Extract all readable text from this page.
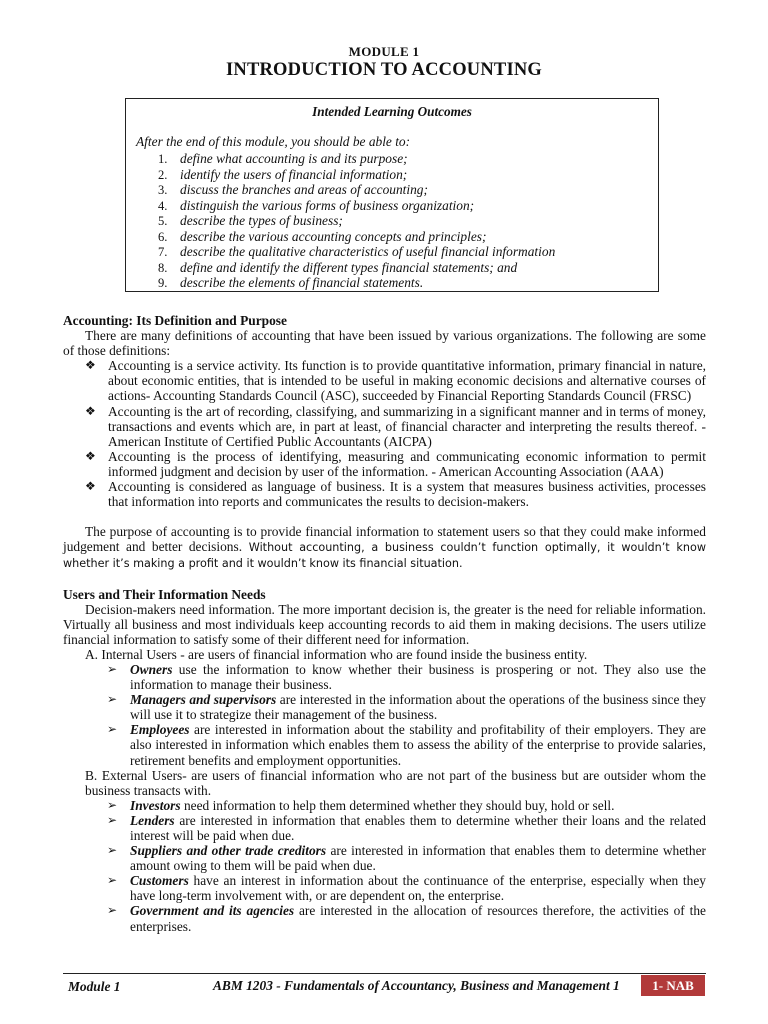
MODULE 1
INTRODUCTION TO ACCOUNTING
Intended Learning Outcomes
After the end of this module, you should be able to:
1. define what accounting is and its purpose;
2. identify the users of financial information;
3. discuss the branches and areas of accounting;
4. distinguish the various forms of business organization;
5. describe the types of business;
6. describe the various accounting concepts and principles;
7. describe the qualitative characteristics of useful financial information
8. define and identify the different types financial statements; and
9. describe the elements of financial statements.

Accounting: Its Definition and Purpose

There are many definitions of accounting that have been issued by various organizations. The following are some of those definitions:

❖ Accounting is a service activity. Its function is to provide quantitative information, primary financial in nature, about economic entities, that is intended to be useful in making economic decisions and alternative courses of actions- Accounting Standards Council (ASC), succeeded by Financial Reporting Standards Council (FRSC)
❖ Accounting is the art of recording, classifying, and summarizing in a significant manner and in terms of money, transactions and events which are, in part at least, of financial character and interpreting the results thereof. - American Institute of Certified Public Accountants (AICPA)
❖ Accounting is the process of identifying, measuring and communicating economic information to permit informed judgment and decision by user of the information. - American Accounting Association (AAA)
❖ Accounting is considered as language of business. It is a system that measures business activities, processes that information into reports and communicates the results to decision-makers.

The purpose of accounting is to provide financial information to statement users so that they could make informed judgement and better decisions. Without accounting, a business couldn’t function optimally, it wouldn’t know whether it’s making a profit and it wouldn’t know its financial situation.

Users and Their Information Needs

Decision-makers need information. The more important decision is, the greater is the need for reliable information. Virtually all business and most individuals keep accounting records to aid them in making decisions. The users utilize financial information to satisfy some of their different need for information.

A. Internal Users - are users of financial information who are found inside the business entity.

➢ Owners use the information to know whether their business is prospering or not. They also use the information to manage their business.
➢ Managers and supervisors are interested in the information about the operations of the business since they will use it to strategize their management of the business.
➢ Employees are interested in information about the stability and profitability of their employers. They are also interested in information which enables them to assess the ability of the enterprise to provide salaries, retirement benefits and employment opportunities.

B. External Users- are users of financial information who are not part of the business but are outsider whom the business transacts with.

➢ Investors need information to help them determined whether they should buy, hold or sell.
➢ Lenders are interested in information that enables them to determine whether their loans and the related interest will be paid when due.
➢ Suppliers and other trade creditors are interested in information that enables them to determine whether amount owing to them will be paid when due.
➢ Customers have an interest in information about the continuance of the enterprise, especially when they have long-term involvement with, or are dependent on, the enterprise.
➢ Government and its agencies are interested in the allocation of resources therefore, the activities of the enterprises.
Module 1	ABM 1203 - Fundamentals of Accountancy, Business and Management 1	1- NAB
